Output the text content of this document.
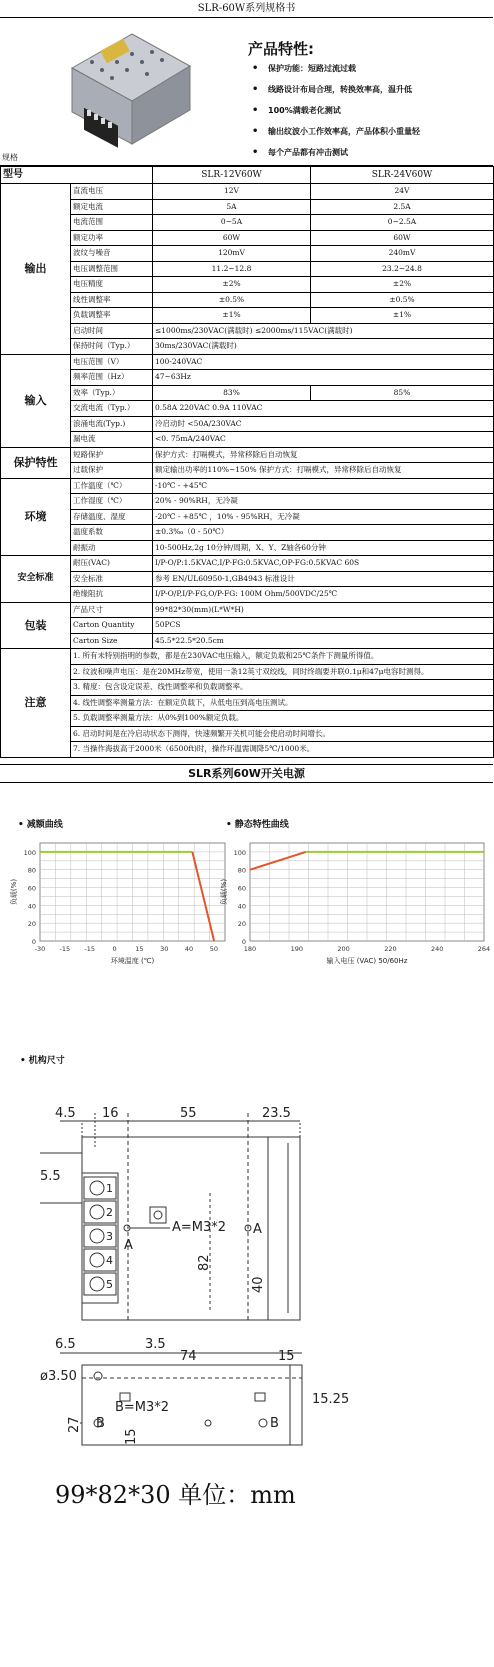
SLR-60W系列规格书
产品特性:
• 保护功能：短路过流过载
• 线路设计布局合理，转换效率高，温升低
• 100%满载老化测试
• 输出纹波小工作效率高，产品体积小重量轻
• 每个产品都有冲击测试
规格
型号		SLR-12V60W	SLR-24V60W
输出	直流电压	12V	24V
	额定电流	5A	2.5A
	电流范围	0~5A	0~2.5A
	额定功率	60W	60W
	波纹与噪音	120mV	240mV
	电压调整范围	11.2~12.8	23.2~24.8
	电压精度	±2%	±2%
	线性调整率	±0.5%	±0.5%
	负载调整率	±1%	±1%
	启动时间	≤1000ms/230VAC(满载时) ≤2000ms/115VAC(满载时)	
	保持时间（Typ.）	30ms/230VAC(满载时)	
输入	电压范围（V）	100-240VAC	
	频率范围（Hz）	47~63Hz	
	效率（Typ.）	83%	85%
	交流电流（Typ.）	0.58A 220VAC 0.9A 110VAC	
	浪涌电流(Typ.)	冷启动时 <50A/230VAC	
	漏电流	<0. 75mA/240VAC	
保护特性	短路保护	保护方式：打嗝模式，异常移除后自动恢复	
	过载保护	额定输出功率的110%~150% 保护方式：打嗝模式，异常移除后自动恢复	
环境	工作温度（℃）	-10℃ - +45℃	
	工作湿度（℃）	20% - 90%RH，无冷凝	
	存储温度、湿度	-20℃ - +85℃ ，10% - 95%RH，无冷凝	
	温度系数	±0.3‰（0 - 50℃）	
	耐振动	10-500Hz,2g 10分钟/周期，X、Y、Z轴各60分钟	
安全标准	耐压(VAC)	I/P-O/P:1.5KVAC,I/P-FG:0.5KVAC,OP-FG:0.5KVAC 60S	
	安全标准	参考 EN/UL60950-1,GB4943 标准设计	
	绝缘阻抗	I/P-O/P,I/P-FG,O/P-FG: 100M Ohm/500VDC/25℃	
包装	产品尺寸	99*82*30(mm)(L*W*H)	
	Carton Quantity	50PCS	
	Carton Size	45.5*22.5*20.5cm	
注意	1. 所有未特别指明的参数，都是在230VAC电压输入，额定负载和25℃条件下测量所得值。		
	2. 纹波和噪声电压：是在20MHz带宽，使用一条12英寸双绞线，同时终端要并联0.1μ和47μ电容时测得。		
	3. 精度：包含设定误差、线性调整率和负载调整率。		
	4. 线性调整率测量方法：在额定负载下，从低电压到高电压测试。		
	5. 负载调整率测量方法：从0%到100%额定负载。		
	6. 启动时间是在冷启动状态下测得，快速频繁开关机可能会使启动时间增长。		
	7. 当操作海拔高于2000米（6500ft)时，操作环温需调降5℃/1000米。		
SLR系列60W开关电源
• 减额曲线	• 静态特性曲线
0
20
40
60
80
100
-30 -15 -15	0	15	30	40	50
环境温度 (℃)
负载(%)
0
20
40
60
80
100
180	190	200	220	240	264
输入电压 (VAC) 50/60Hz
负载(%)
• 机构尺寸
1
2
3
4
5
4.5 16	55	23.5
5.5
82
40
A
A
A=M3*2
6.5	3.5
74	15
ø3.50
27
15
15.25
B	B
B=M3*2
99*82*30 单位：mm
